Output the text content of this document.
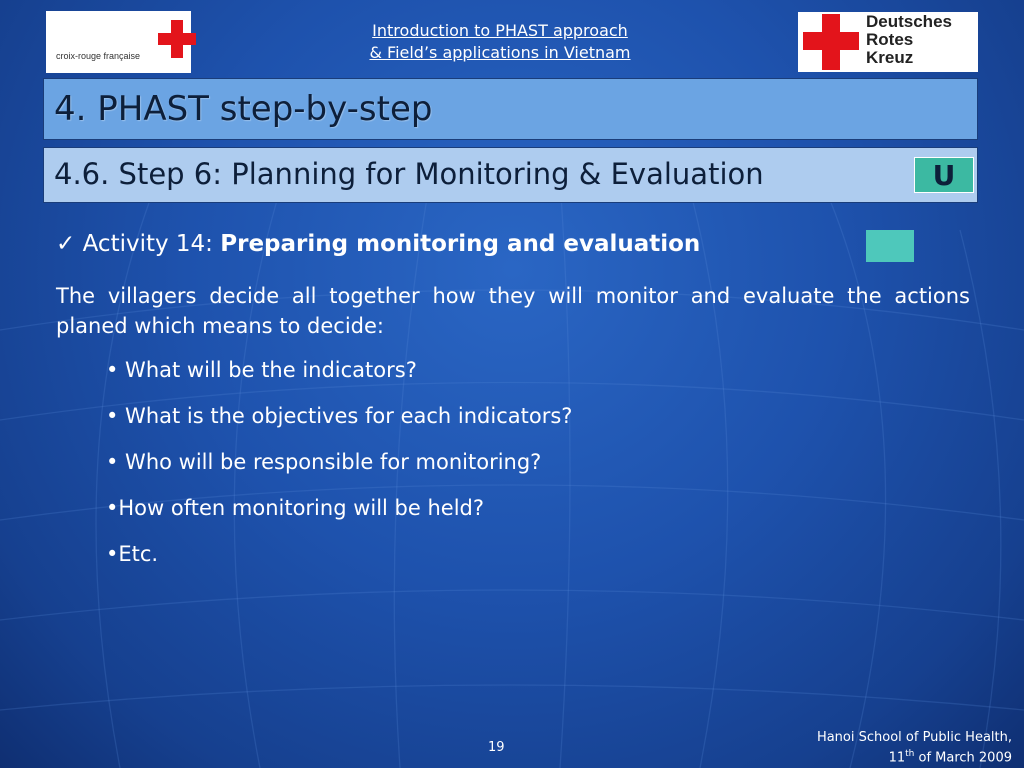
croix-rouge française
Introduction to PHAST approach
& Field’s applications in Vietnam
Deutsches
Rotes
Kreuz
4. PHAST step-by-step
4.6. Step 6: Planning for Monitoring & Evaluation	U
✓ Activity 14: Preparing monitoring and evaluation
The villagers decide all together how they will monitor and evaluate the actions planed which means to decide:
• What will be the indicators?
• What is the objectives for each indicators?
• Who will be responsible for monitoring?
•How often monitoring will be held?
•Etc.
19
Hanoi School of Public Health,
11th of March 2009
